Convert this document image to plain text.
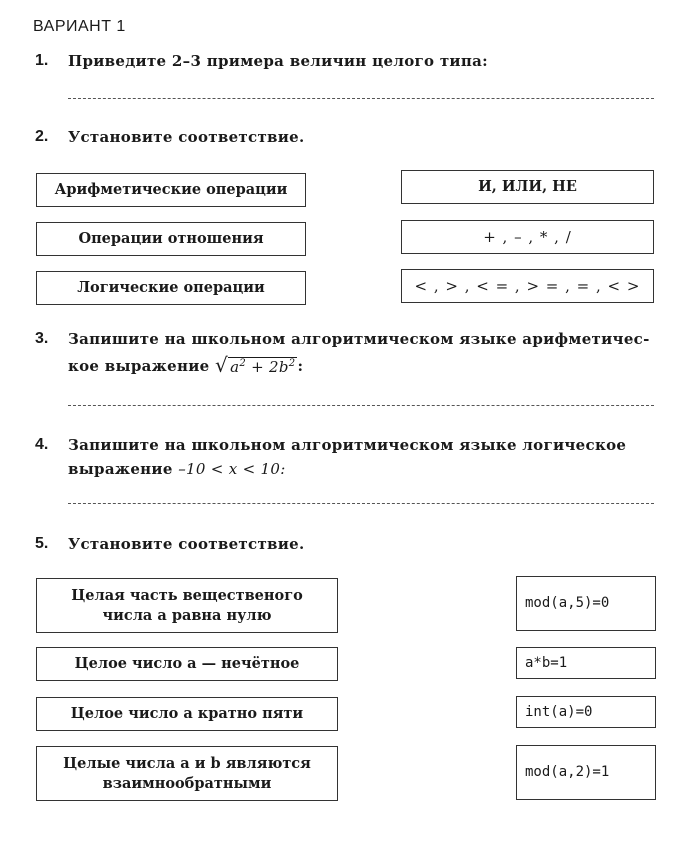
ВАРИАНТ 1
1. Приведите 2–3 примера величин целого типа:
2. Установите соответствие.
Арифметические операции
Операции отношения
Логические операции
И, ИЛИ, НЕ
+ , – , * , /
< , > , < = , > = , = , < >
3. Запишите на школьном алгоритмическом языке арифметичес-
кое выражение
√ $a^2 + 2b^2$ :
4. Запишите на школьном алгоритмическом языке логическое
выражение –10 < x < 10:
5. Установите соответствие.
Целая часть вещественого числа a равна нулю
Целое число a — нечётное
Целое число a кратно пяти
Целые числа a и b являются взаимнообратными
mod(a,5)=0
a*b=1
int(a)=0
mod(a,2)=1
